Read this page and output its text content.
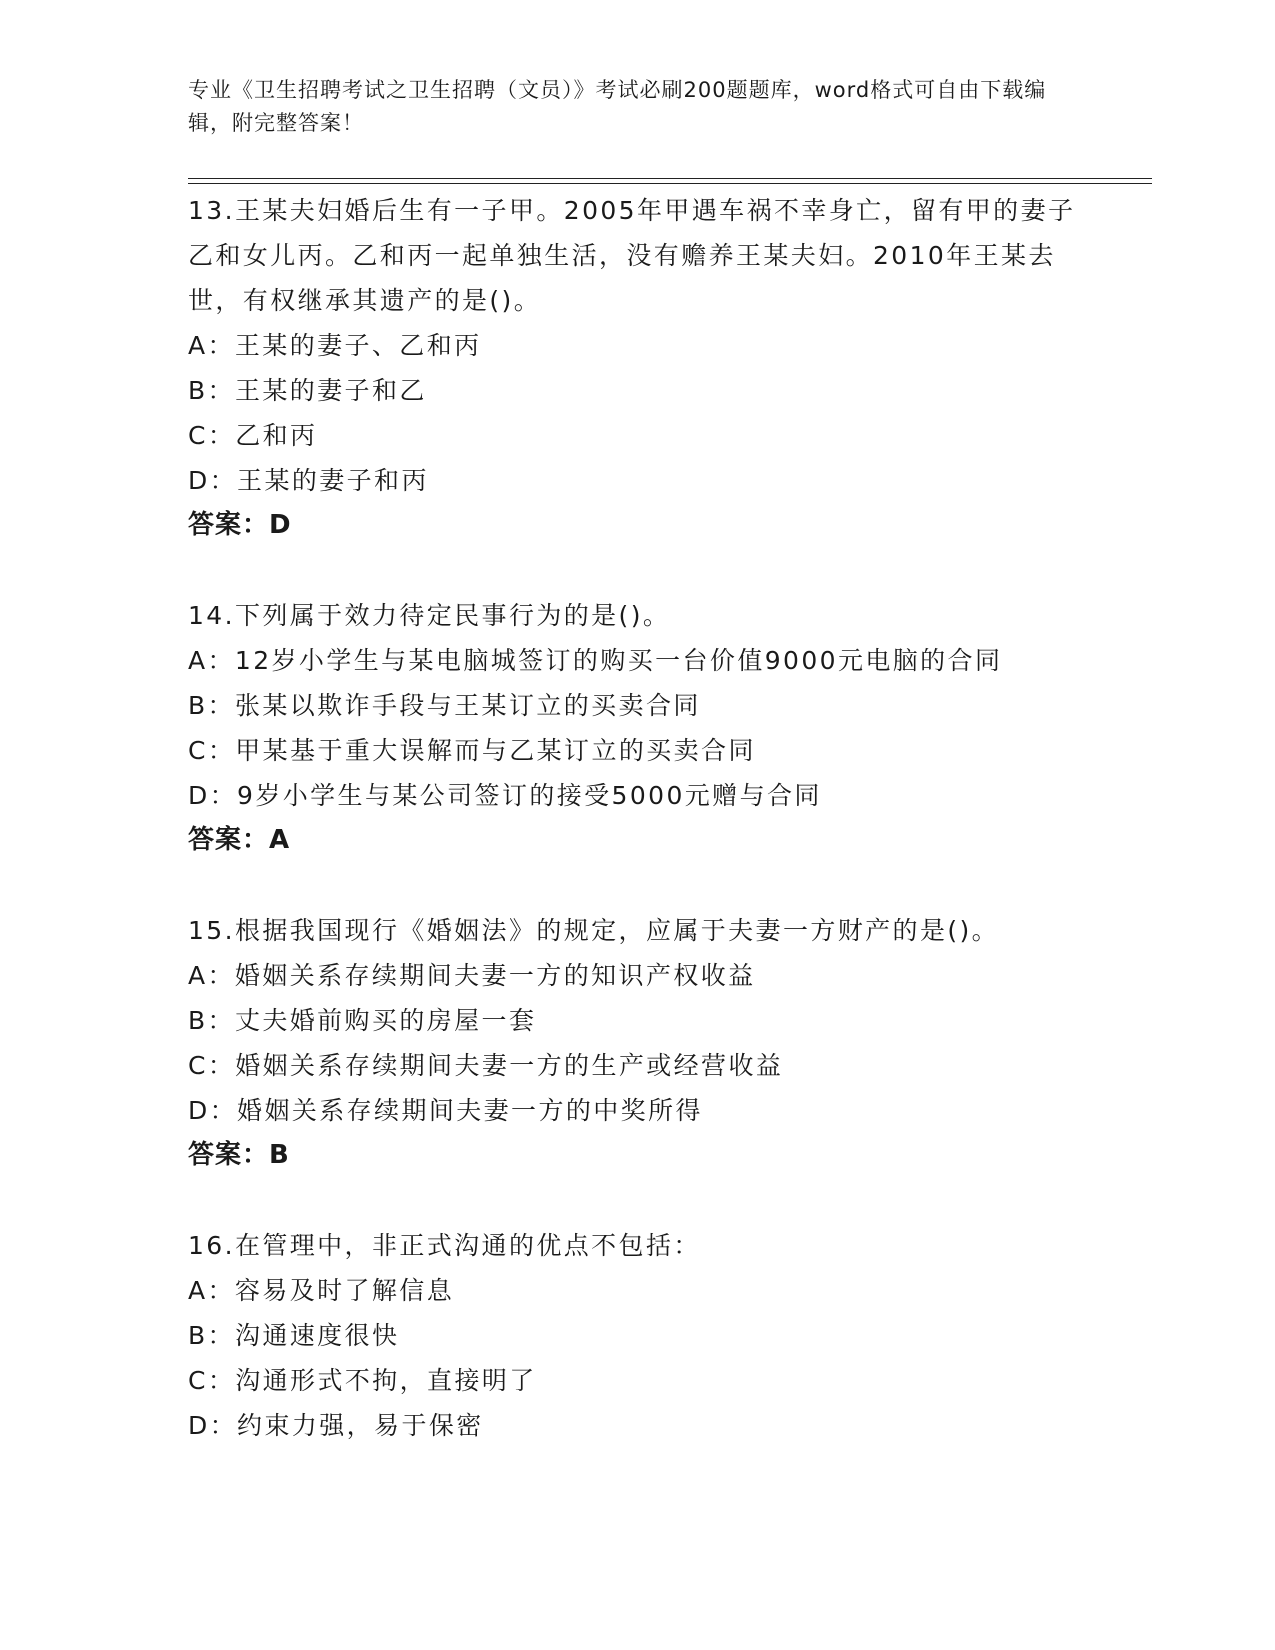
专业《卫生招聘考试之卫生招聘（文员）》考试必刷200题题库，word格式可自由下载编辑，附完整答案！
13.王某夫妇婚后生有一子甲。2005年甲遇车祸不幸身亡，留有甲的妻子乙和女儿丙。乙和丙一起单独生活，没有赡养王某夫妇。2010年王某去世，有权继承其遗产的是()。
A：王某的妻子、乙和丙
B：王某的妻子和乙
C：乙和丙
D：王某的妻子和丙
答案：D
14.下列属于效力待定民事行为的是()。
A：12岁小学生与某电脑城签订的购买一台价值9000元电脑的合同
B：张某以欺诈手段与王某订立的买卖合同
C：甲某基于重大误解而与乙某订立的买卖合同
D：9岁小学生与某公司签订的接受5000元赠与合同
答案：A
15.根据我国现行《婚姻法》的规定，应属于夫妻一方财产的是()。
A：婚姻关系存续期间夫妻一方的知识产权收益
B：丈夫婚前购买的房屋一套
C：婚姻关系存续期间夫妻一方的生产或经营收益
D：婚姻关系存续期间夫妻一方的中奖所得
答案：B
16.在管理中，非正式沟通的优点不包括：
A：容易及时了解信息
B：沟通速度很快
C：沟通形式不拘，直接明了
D：约束力强，易于保密
